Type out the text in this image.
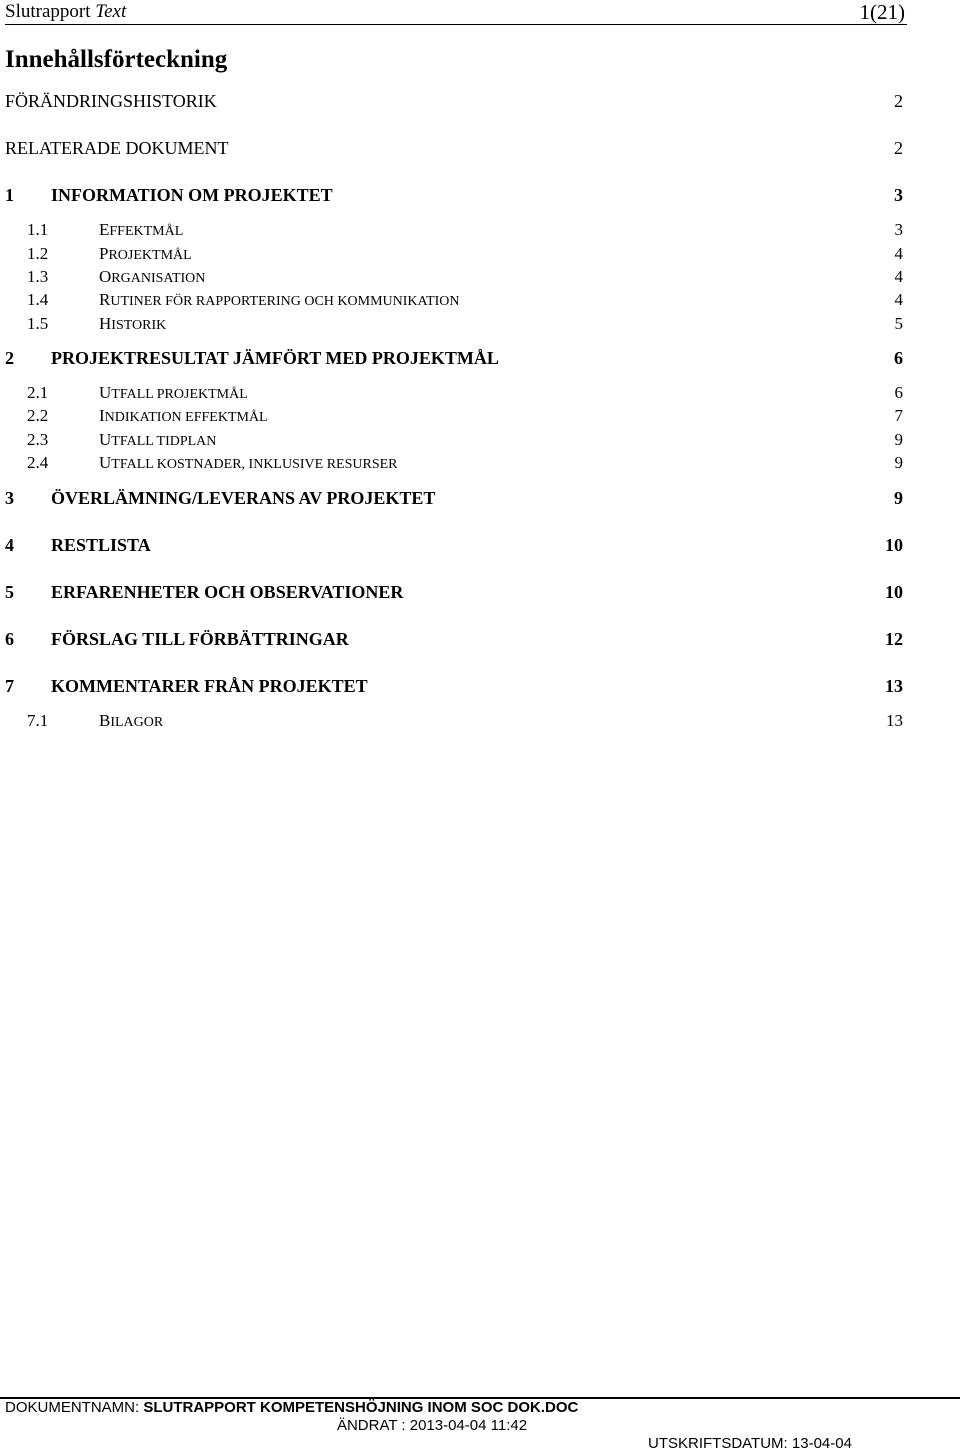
Slutrapport Text	1(21)
Innehållsförteckning
FÖRÄNDRINGSHISTORIK	2
RELATERADE DOKUMENT	2
1 INFORMATION OM PROJEKTET	3
1.1	EFFEKTMÅL	3
1.2	PROJEKTMÅL	4
1.3	ORGANISATION	4
1.4	RUTINER FÖR RAPPORTERING OCH KOMMUNIKATION	4
1.5	HISTORIK	5
2 PROJEKTRESULTAT JÄMFÖRT MED PROJEKTMÅL	6
2.1	UTFALL PROJEKTMÅL	6
2.2	INDIKATION EFFEKTMÅL	7
2.3	UTFALL TIDPLAN	9
2.4	UTFALL KOSTNADER, INKLUSIVE RESURSER	9
3 ÖVERLÄMNING/LEVERANS AV PROJEKTET	9
4 RESTLISTA	10
5 ERFARENHETER OCH OBSERVATIONER	10
6 FÖRSLAG TILL FÖRBÄTTRINGAR	12
7 KOMMENTARER FRÅN PROJEKTET	13
7.1	BILAGOR	13
DOKUMENTNAMN: SLUTRAPPORT KOMPETENSHÖJNING INOM SOC DOK.DOC
ÄNDRAT : 2013-04-04 11:42
UTSKRIFTSDATUM: 13-04-04
